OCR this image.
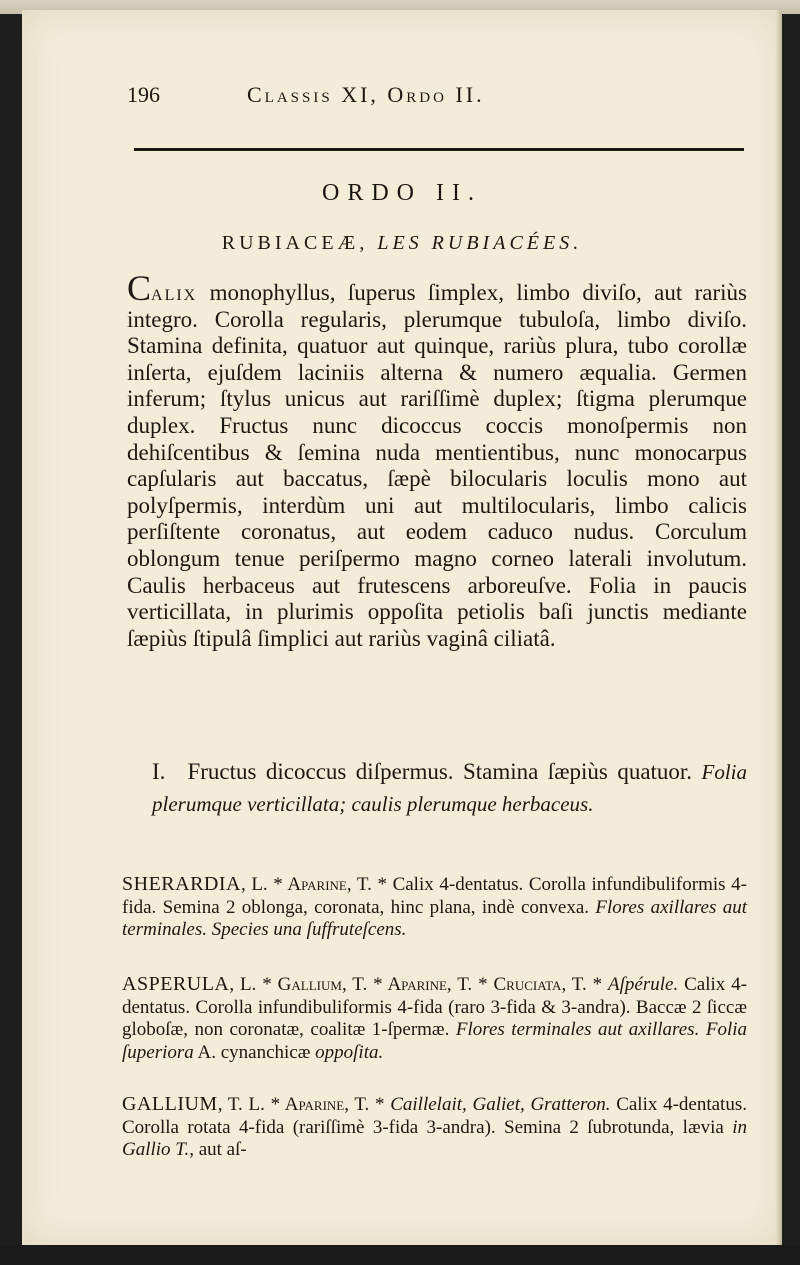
196	Classis XI, Ordo II.
ORDO II.
RUBIACEÆ, LES RUBIACÉES.
Calix monophyllus, ſuperus ſimplex, limbo diviſo, aut rariùs integro. Corolla regularis, plerumque tubuloſa, limbo diviſo. Stamina definita, quatuor aut quinque, rariùs plura, tubo corollæ inſerta, ejuſdem laciniis alterna & numero æqualia. Germen inferum; ſtylus unicus aut rariſſimè duplex; ſtigma plerumque duplex. Fructus nunc dicoccus coccis monoſpermis non dehiſcentibus & ſemina nuda mentientibus, nunc monocarpus capſularis aut baccatus, ſæpè bilocularis loculis mono aut polyſpermis, interdùm uni aut multilocularis, limbo calicis perſiſtente coronatus, aut eodem caduco nudus. Corculum oblongum tenue periſpermo magno corneo laterali involutum. Caulis herbaceus aut frutescens arboreuſve. Folia in paucis verticillata, in plurimis oppoſita petiolis baſi junctis mediante ſæpiùs ſtipulâ ſimplici aut rariùs vaginâ ciliatâ.
I. Fructus dicoccus diſpermus. Stamina ſæpiùs quatuor. Folia plerumque verticillata; caulis plerumque herbaceus.
SHERARDIA, L. * Aparine, T. * Calix 4-dentatus. Corolla infundibuliformis 4-fida. Semina 2 oblonga, coronata, hinc plana, indè convexa. Flores axillares aut terminales. Species una ſuffruteſcens.
ASPERULA, L. * Gallium, T. * Aparine, T. * Cruciata, T. * Aſpérule. Calix 4-dentatus. Corolla infundibuliformis 4-fida (raro 3-fida & 3-andra). Baccæ 2 ſiccæ globoſæ, non coronatæ, coalitæ 1-ſpermæ. Flores terminales aut axillares. Folia ſuperiora A. cynanchicæ oppoſita.
GALLIUM, T. L. * Aparine, T. * Caillelait, Galiet, Gratteron. Calix 4-dentatus. Corolla rotata 4-fida (rariſſimè 3-fida 3-andra). Semina 2 ſubrotunda, lævia in Gallio T., aut aſ-
